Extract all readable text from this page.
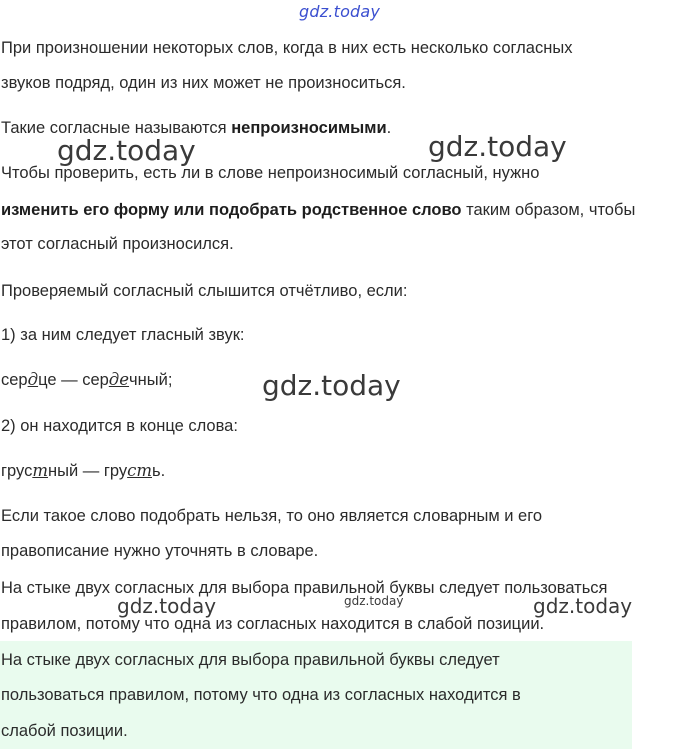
gdz.today

При произношении некоторых слов, когда в них есть несколько согласных

звуков подряд, один из них может не произноситься.

Такие согласные называются непроизносимыми.

gdz.today	gdz.today

Чтобы проверить, есть ли в слове непроизносимый согласный, нужно

изменить его форму или подобрать родственное слово таким образом, чтобы

этот согласный произносился.

Проверяемый согласный слышится отчётливо, если:

1) за ним следует гласный звук:

сердце — сердечный;	gdz.today

2) он находится в конце слова:

грустный — грусть.

Если такое слово подобрать нельзя, то оно является словарным и его

правописание нужно уточнять в словаре.

На стыке двух согласных для выбора правильной буквы следует пользоваться

gdz.today	gdz.today	gdz.today

правилом, потому что одна из согласных находится в слабой позиции.

На стыке двух согласных для выбора правильной буквы следует

пользоваться правилом, потому что одна из согласных находится в

слабой позиции.
